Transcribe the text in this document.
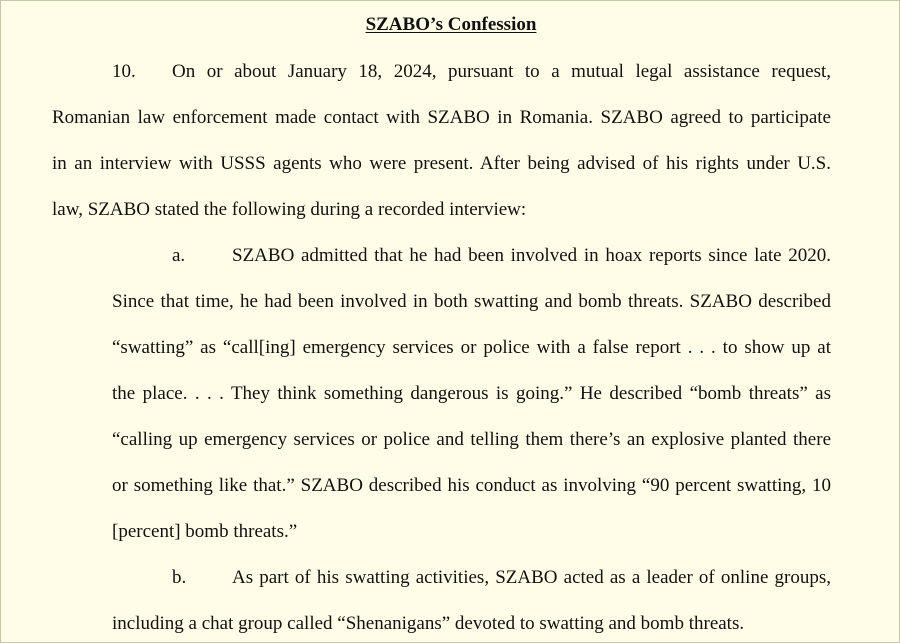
SZABO’s Confession
10. On or about January 18, 2024, pursuant to a mutual legal assistance request,
Romanian law enforcement made contact with SZABO in Romania. SZABO agreed to participate
in an interview with USSS agents who were present. After being advised of his rights under U.S.
law, SZABO stated the following during a recorded interview:
a. SZABO admitted that he had been involved in hoax reports since late 2020.
Since that time, he had been involved in both swatting and bomb threats. SZABO described
“swatting” as “call[ing] emergency services or police with a false report . . . to show up at
the place. . . . They think something dangerous is going.” He described “bomb threats” as
“calling up emergency services or police and telling them there’s an explosive planted there
or something like that.” SZABO described his conduct as involving “90 percent swatting, 10
[percent] bomb threats.”
b. As part of his swatting activities, SZABO acted as a leader of online groups,
including a chat group called “Shenanigans” devoted to swatting and bomb threats.
